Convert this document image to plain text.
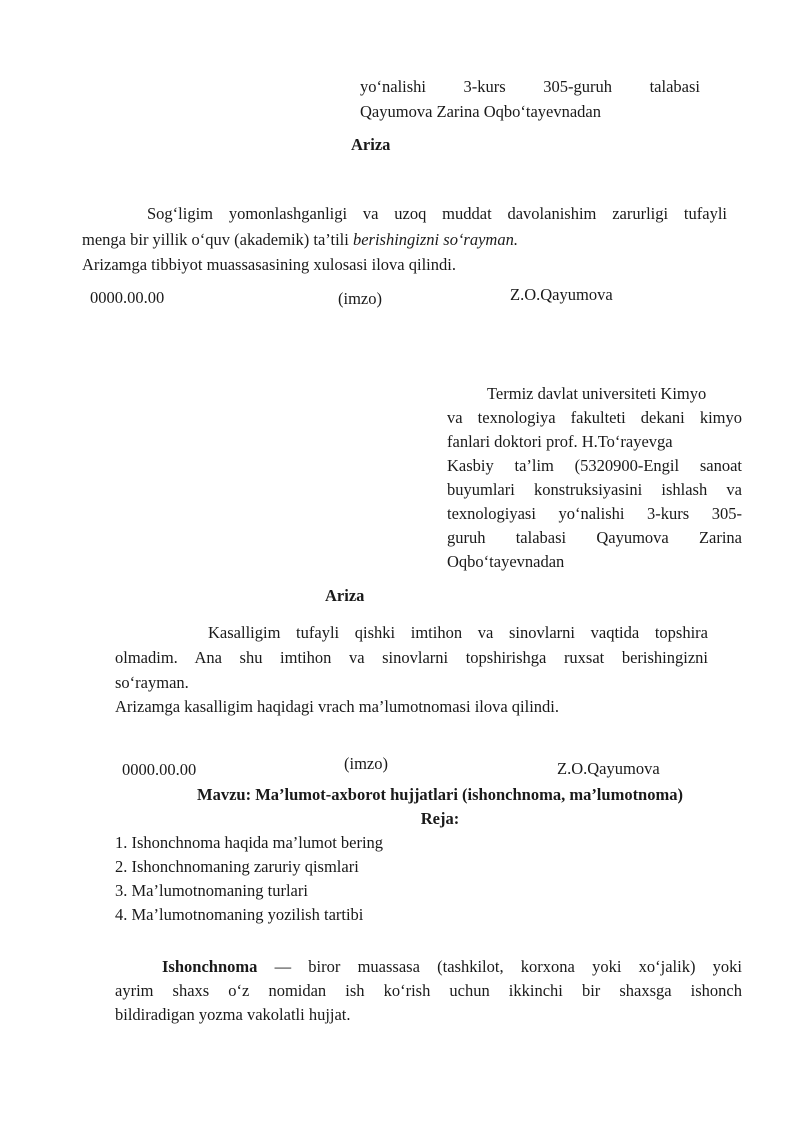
yo‘nalishi 3-kurs 305-guruh talabasi
Qayumova Zarina Oqbo‘tayevnadan
Ariza
Sog‘ligim yomonlashganligi va uzoq muddat davolanishim zarurligi tufayli
menga bir yillik o‘quv (akademik) ta’tili berishingizni so‘rayman.
Arizamga tibbiyot muassasasining xulosasi ilova qilindi.
0000.00.00	(imzo)	Z.O.Qayumova
Termiz davlat universiteti Kimyo
va texnologiya fakulteti dekani kimyo
fanlari doktori prof. H.To‘rayevga
Kasbiy ta’lim (5320900-Engil sanoat
buyumlari konstruksiyasini ishlash va
texnologiyasi yo‘nalishi 3-kurs 305-
guruh talabasi Qayumova Zarina
Oqbo‘tayevnadan
Ariza
Kasalligim tufayli qishki imtihon va sinovlarni vaqtida topshira
olmadim. Ana shu imtihon va sinovlarni topshirishga ruxsat berishingizni
so‘rayman.
Arizamga kasalligim haqidagi vrach ma’lumotnomasi ilova qilindi.
0000.00.00	(imzo)	Z.O.Qayumova
Mavzu: Ma’lumot-axborot hujjatlari (ishonchnoma, ma’lumotnoma)
Reja:
1. Ishonchnoma haqida ma’lumot bering
2. Ishonchnomaning zaruriy qismlari
3. Ma’lumotnomaning turlari
4. Ma’lumotnomaning yozilish tartibi
Ishonchnoma — biror muassasa (tashkilot, korxona yoki xo‘jalik) yoki
ayrim shaxs o‘z nomidan ish ko‘rish uchun ikkinchi bir shaxsga ishonch
bildiradigan yozma vakolatli hujjat.
